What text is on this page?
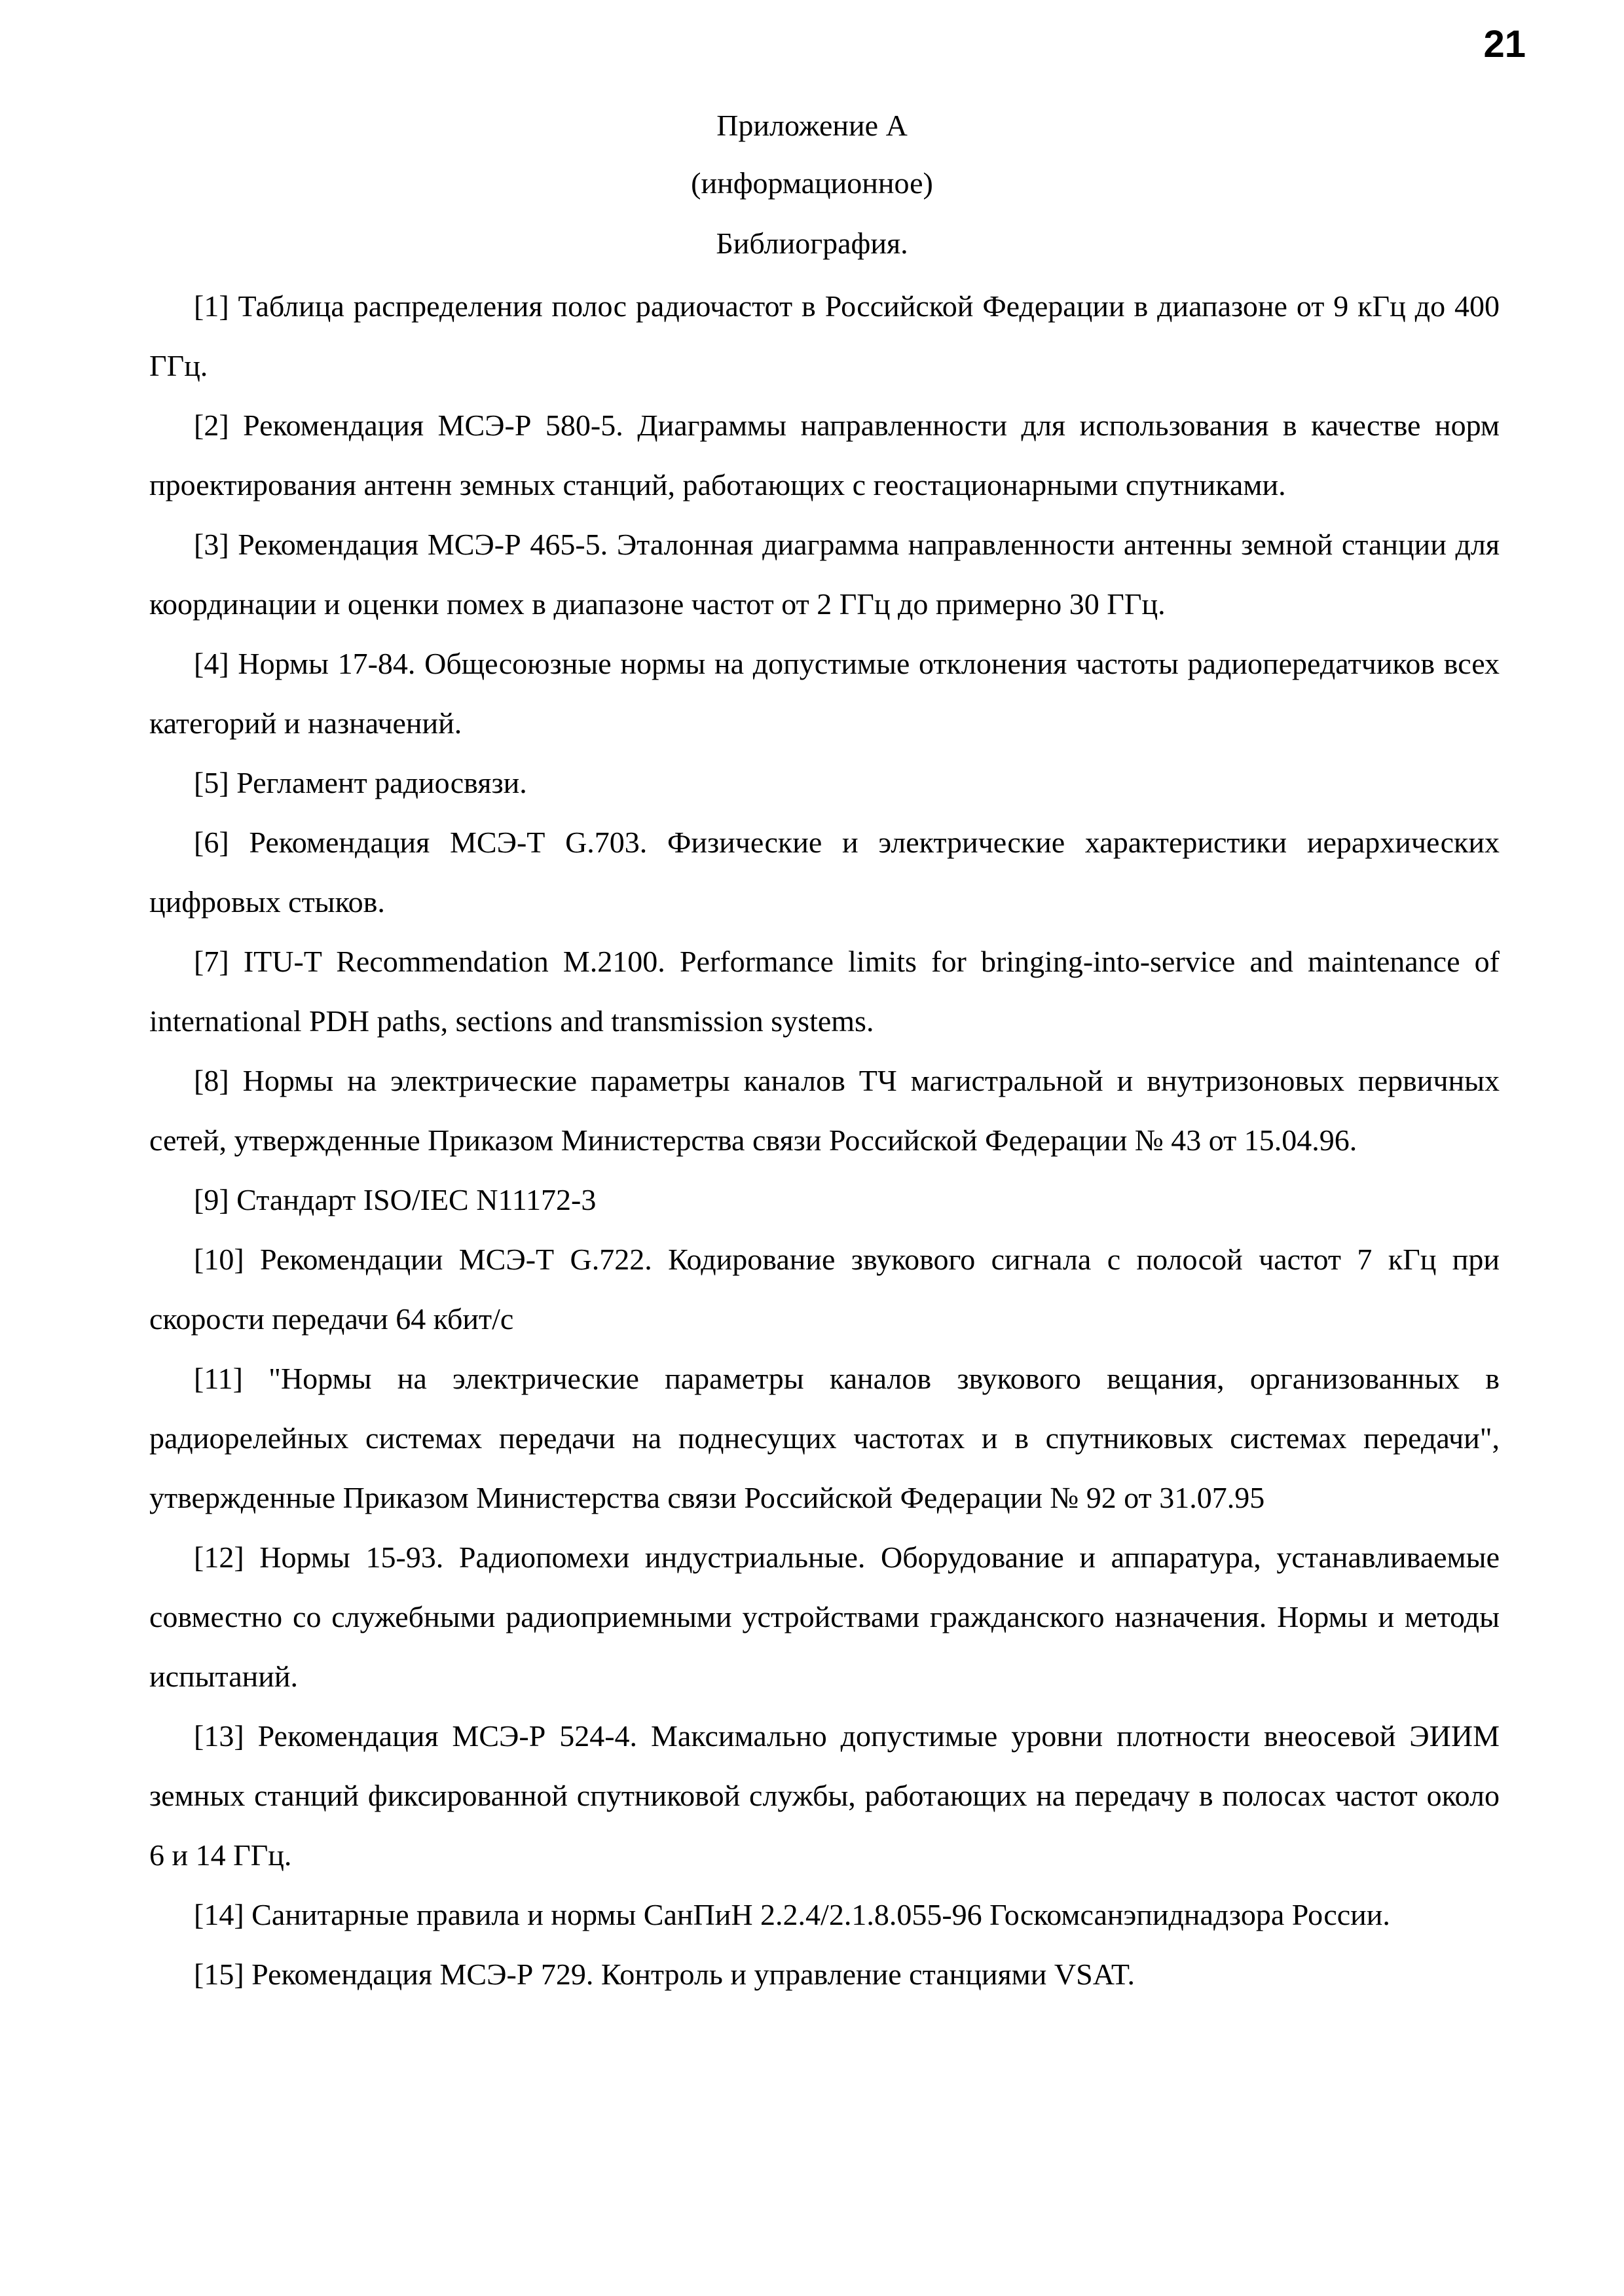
21
Приложение А
(информационное)
Библиография.

[1] Таблица распределения полос радиочастот в Российской Федерации в диапазоне от 9 кГц до 400 ГГц.

[2] Рекомендация МСЭ-Р 580-5. Диаграммы направленности для использования в качестве норм проектирования антенн земных станций, работающих с геостационарными спутниками.

[3] Рекомендация МСЭ-Р 465-5. Эталонная диаграмма направленности антенны земной станции для координации и оценки помех в диапазоне частот от 2 ГГц до примерно 30 ГГц.

[4] Нормы 17-84. Общесоюзные нормы на допустимые отклонения частоты радиопередатчиков всех категорий и назначений.

[5] Регламент радиосвязи.

[6] Рекомендация МСЭ-Т G.703. Физические и электрические характеристики иерархических цифровых стыков.

[7] ITU-T Recommendation M.2100. Performance limits for bringing-into-service and maintenance of international PDH paths, sections and transmission systems.

[8] Нормы на электрические параметры каналов ТЧ магистральной и внутризоновых первичных сетей, утвержденные Приказом Министерства связи Российской Федерации № 43 от 15.04.96.

[9] Стандарт ISO/IEC N11172-3

[10] Рекомендации МСЭ-Т G.722. Кодирование звукового сигнала с полосой частот 7 кГц при скорости передачи 64 кбит/с

[11] "Нормы на электрические параметры каналов звукового вещания, организованных в радиорелейных системах передачи на поднесущих частотах и в спутниковых системах передачи", утвержденные Приказом Министерства связи Российской Федерации № 92 от 31.07.95

[12] Нормы 15-93. Радиопомехи индустриальные. Оборудование и аппаратура, устанавливаемые совместно со служебными радиоприемными устройствами гражданского назначения. Нормы и методы испытаний.

[13] Рекомендация МСЭ-Р 524-4. Максимально допустимые уровни плотности внеосевой ЭИИМ земных станций фиксированной спутниковой службы, работающих на передачу в полосах частот около 6 и 14 ГГц.

[14] Санитарные правила и нормы СанПиН 2.2.4/2.1.8.055-96 Госкомсанэпиднадзора России.

[15] Рекомендация МСЭ-Р 729. Контроль и управление станциями VSAT.
